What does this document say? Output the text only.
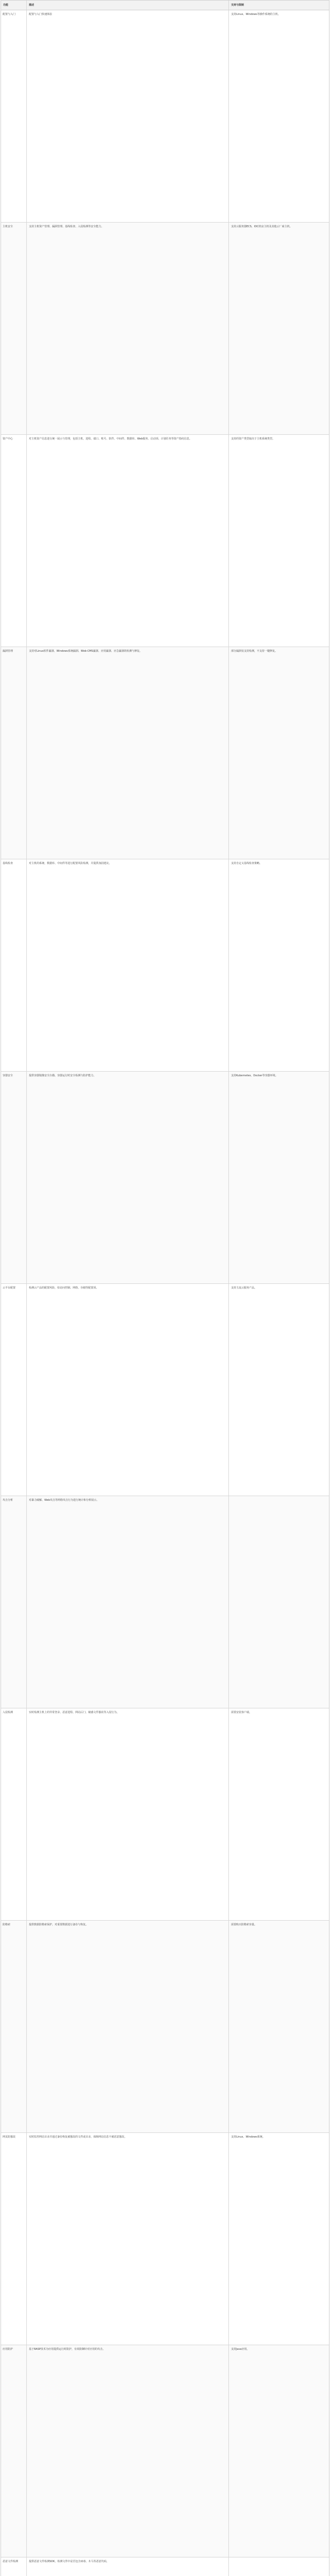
功能	描述	支持与限制
配置与入门	配置与入门快速体验	支持Linux、Windows等操作系统的主机。
主机安全	支持主机资产管理、漏洞管理、基线检查、入侵检测等安全能力。	支持云服务器ECS，IDC机房主机及其他云厂商主机。
资产中心	对主机资产信息进行统一展示与管理，包括主机、进程、端口、账号、软件、中间件、数据库、Web服务、启动项、计划任务等资产指纹信息。	支持的资产类型取决于主机系统类型。
漏洞管理	支持对Linux软件漏洞、Windows系统漏洞、Web-CMS漏洞、应用漏洞、应急漏洞的检测与修复。	部分漏洞仅支持检测，不支持一键修复。
基线检查	对主机的系统、数据库、中间件等进行配置风险检测，并提供加固建议。	支持自定义基线检查策略。
容器安全	提供容器镜像安全扫描、容器运行时安全检测与防护能力。	支持Kubernetes、Docker等容器环境。
云平台配置	检测云产品的配置风险，如访问控制、网络、存储等配置项。	支持主流云服务产品。
攻击分析	对暴力破解、Web攻击等网络攻击行为进行统计和分析展示。
入侵检测	实时检测主机上的异常登录、恶意进程、网站后门、敏感文件篡改等入侵行为。	需要安装客户端。
防勒索	提供数据防勒索保护，对重要数据进行备份与恢复。	需要购买防勒索容量。
网页防篡改	实时监控网站目录并通过备份恢复被篡改的文件或目录，保障网站信息不被恶意篡改。	支持Linux、Windows系统。
应用防护	基于RASP技术为应用提供运行时防护，有效防御针对应用的攻击。	支持Java应用。
恶意文件检测	提供恶意文件检测SDK，检测文件中是否包含病毒、木马等恶意代码。
